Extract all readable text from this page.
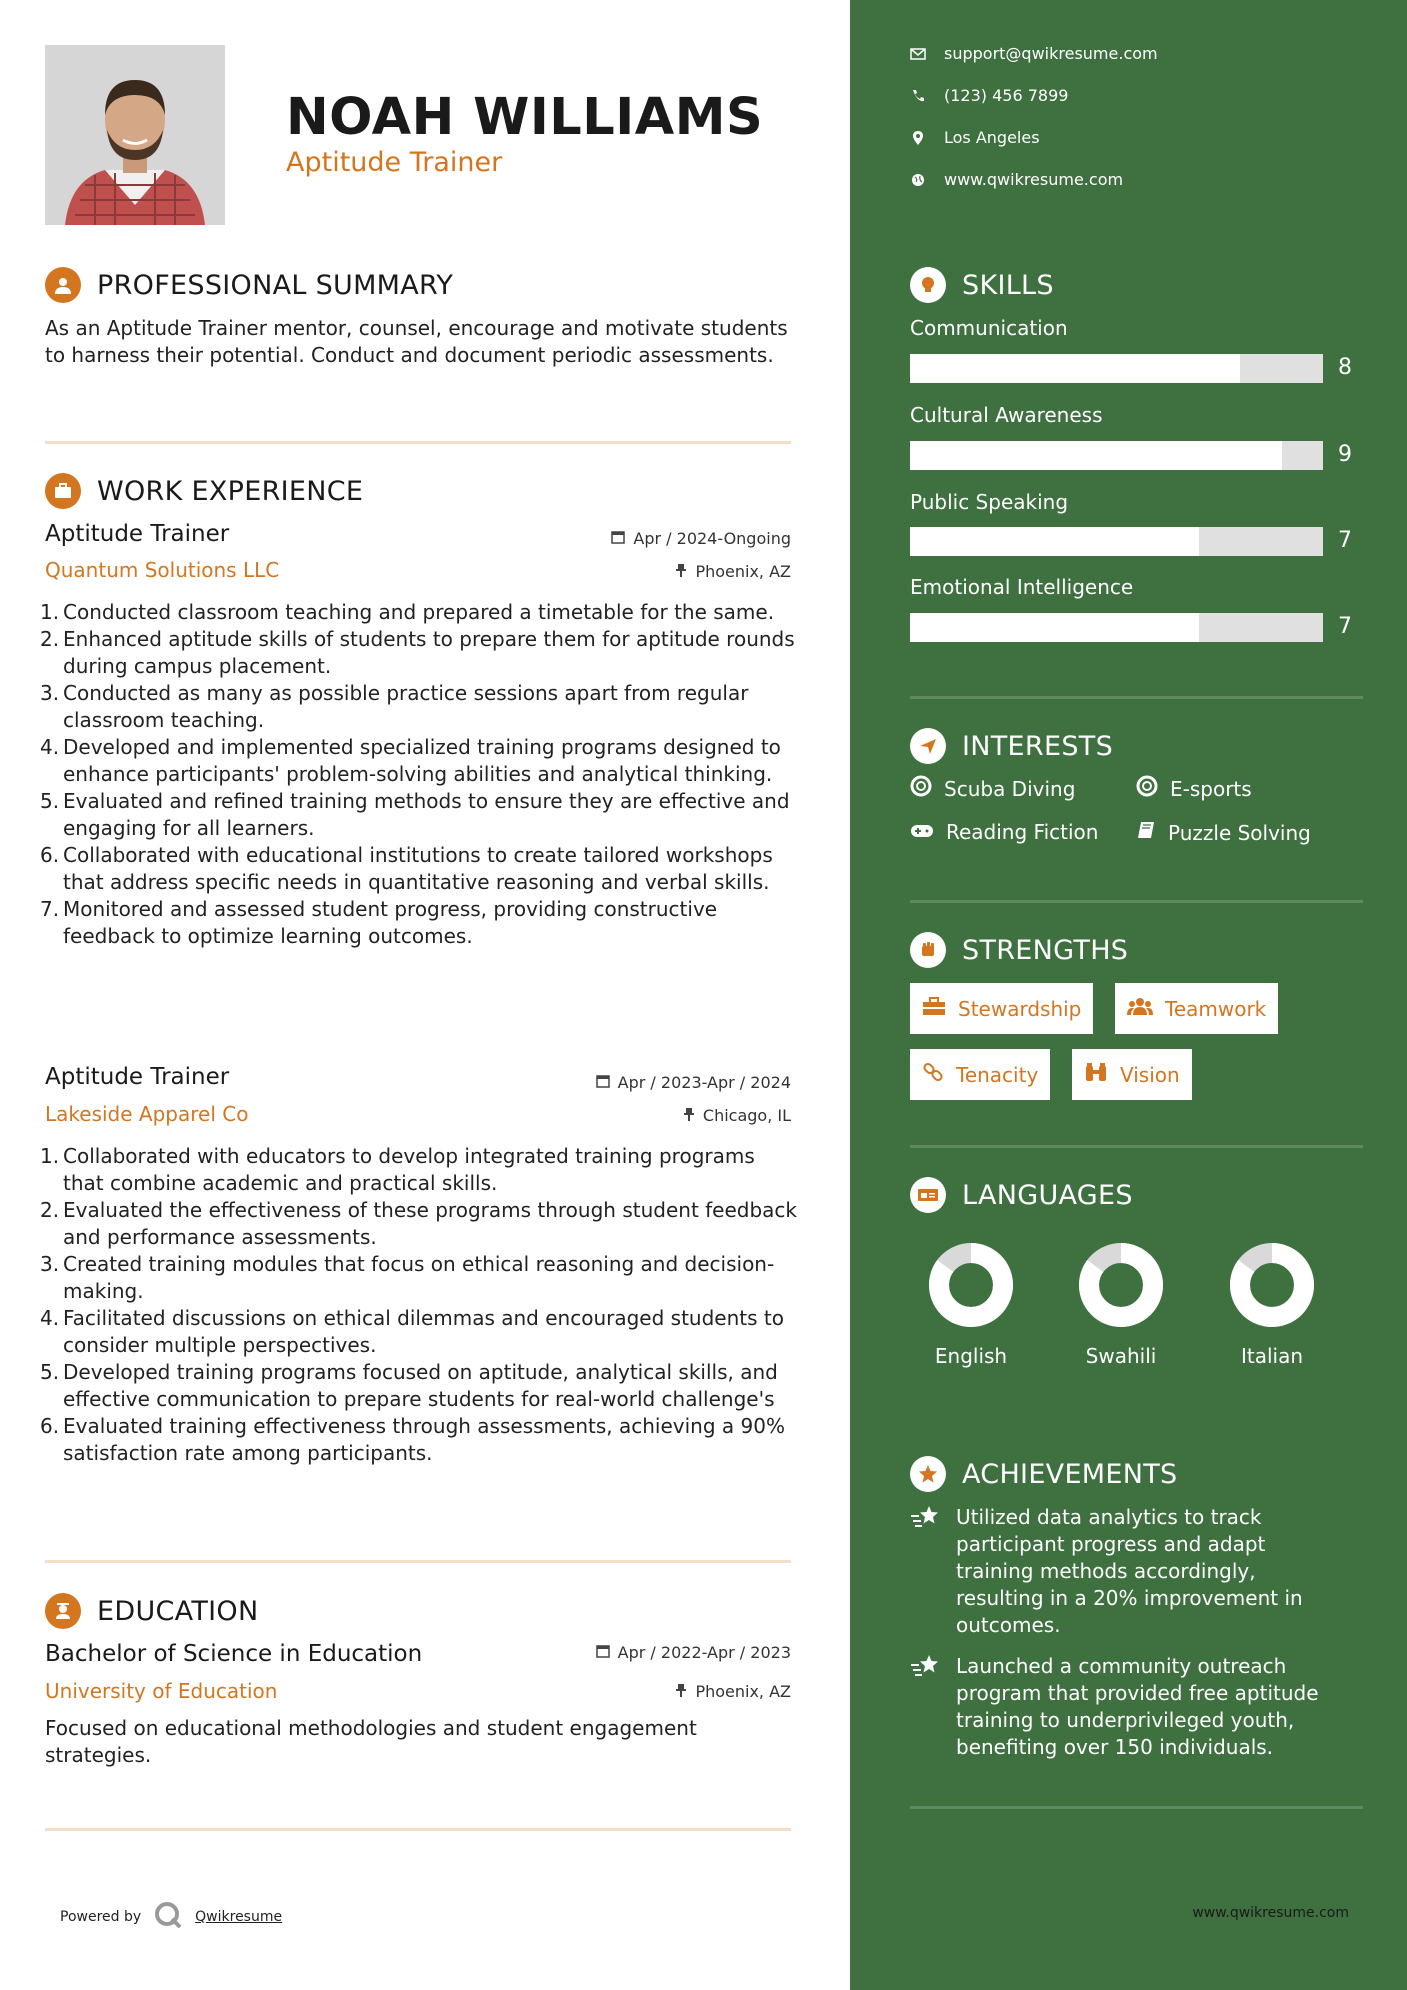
NOAH WILLIAMS
Aptitude Trainer
PROFESSIONAL SUMMARY
As an Aptitude Trainer mentor, counsel, encourage and motivate students to harness their potential. Conduct and document periodic assessments.
WORK EXPERIENCE
Aptitude Trainer	Apr / 2024-Ongoing
Quantum Solutions LLC	Phoenix, AZ
1. Conducted classroom teaching and prepared a timetable for the same.
2. Enhanced aptitude skills of students to prepare them for aptitude rounds during campus placement.
3. Conducted as many as possible practice sessions apart from regular classroom teaching.
4. Developed and implemented specialized training programs designed to enhance participants' problem-solving abilities and analytical thinking.
5. Evaluated and refined training methods to ensure they are effective and engaging for all learners.
6. Collaborated with educational institutions to create tailored workshops that address specific needs in quantitative reasoning and verbal skills.
7. Monitored and assessed student progress, providing constructive feedback to optimize learning outcomes.
Aptitude Trainer	Apr / 2023-Apr / 2024
Lakeside Apparel Co	Chicago, IL
1. Collaborated with educators to develop integrated training programs that combine academic and practical skills.
2. Evaluated the effectiveness of these programs through student feedback and performance assessments.
3. Created training modules that focus on ethical reasoning and decision-making.
4. Facilitated discussions on ethical dilemmas and encouraged students to consider multiple perspectives.
5. Developed training programs focused on aptitude, analytical skills, and effective communication to prepare students for real-world challenge's
6. Evaluated training effectiveness through assessments, achieving a 90% satisfaction rate among participants.
EDUCATION
Bachelor of Science in Education	Apr / 2022-Apr / 2023
University of Education	Phoenix, AZ
Focused on educational methodologies and student engagement strategies.
Powered by	Qwikresume
support@qwikresume.com
(123) 456 7899
Los Angeles
www.qwikresume.com
SKILLS
Communication
8
Cultural Awareness
9
Public Speaking
7
Emotional Intelligence
7
INTERESTS
Scuba Diving	E-sports
Reading Fiction	Puzzle Solving
STRENGTHS
Stewardship	Teamwork
Tenacity	Vision
LANGUAGES
English	Swahili	Italian
ACHIEVEMENTS
Utilized data analytics to track participant progress and adapt training methods accordingly, resulting in a 20% improvement in outcomes.
Launched a community outreach program that provided free aptitude training to underprivileged youth, benefiting over 150 individuals.
www.qwikresume.com
